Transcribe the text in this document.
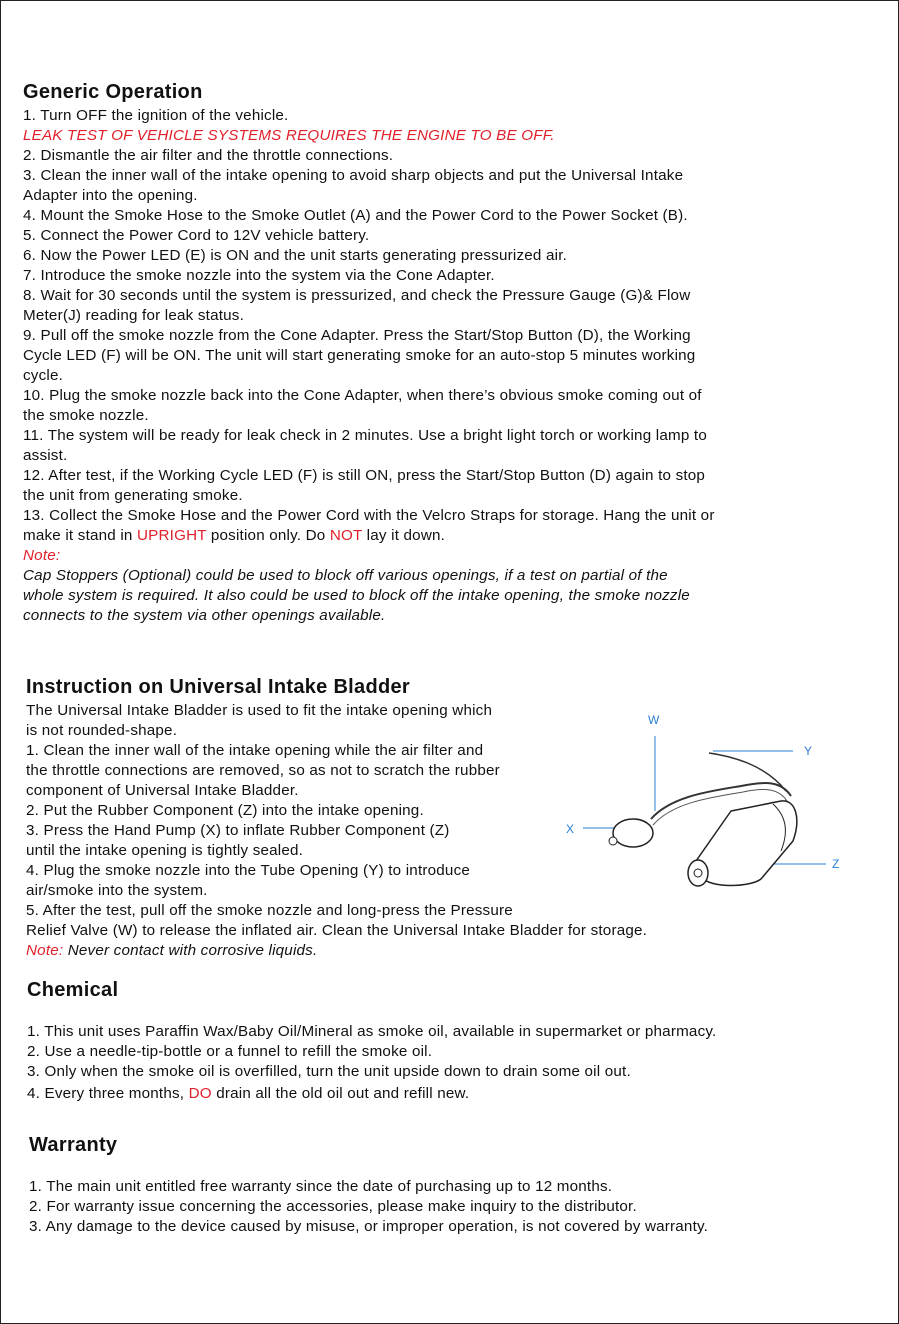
Generic Operation
1. Turn OFF the ignition of the vehicle.
LEAK TEST OF VEHICLE SYSTEMS REQUIRES THE ENGINE TO BE OFF.
2. Dismantle the air filter and the throttle connections.
3. Clean the inner wall of the intake opening to avoid sharp objects and put the Universal Intake
Adapter into the opening.
4. Mount the Smoke Hose to the Smoke Outlet (A) and the Power Cord to the Power Socket (B).
5. Connect the Power Cord to 12V vehicle battery.
6. Now the Power LED (E) is ON and the unit starts generating pressurized air.
7. Introduce the smoke nozzle into the system via the Cone Adapter.
8. Wait for 30 seconds until the system is pressurized, and check the Pressure Gauge (G)& Flow
Meter(J) reading for leak status.
9. Pull off the smoke nozzle from the Cone Adapter. Press the Start/Stop Button (D), the Working
Cycle LED (F) will be ON. The unit will start generating smoke for an auto-stop 5 minutes working
cycle.
10. Plug the smoke nozzle back into the Cone Adapter, when there’s obvious smoke coming out of
the smoke nozzle.
11. The system will be ready for leak check in 2 minutes. Use a bright light torch or working lamp to
assist.
12. After test, if the Working Cycle LED (F) is still ON, press the Start/Stop Button (D) again to stop
the unit from generating smoke.
13. Collect the Smoke Hose and the Power Cord with the Velcro Straps for storage. Hang the unit or
make it stand in UPRIGHT position only. Do NOT lay it down.
Note:
Cap Stoppers (Optional) could be used to block off various openings, if a test on partial of the
whole system is required. It also could be used to block off the intake opening, the smoke nozzle
connects to the system via other openings available.
Instruction on Universal Intake Bladder
The Universal Intake Bladder is used to fit the intake opening which
is not rounded-shape.
1. Clean the inner wall of the intake opening while the air filter and
the throttle connections are removed, so as not to scratch the rubber
component of Universal Intake Bladder.
2. Put the Rubber Component (Z) into the intake opening.
3. Press the Hand Pump (X) to inflate Rubber Component (Z)
until the intake opening is tightly sealed.
4. Plug the smoke nozzle into the Tube Opening (Y) to introduce
air/smoke into the system.
5. After the test, pull off the smoke nozzle and long-press the Pressure
Relief Valve (W) to release the inflated air. Clean the Universal Intake Bladder for storage.
Note: Never contact with corrosive liquids.
W
Y
X
Z
Chemical
1. This unit uses Paraffin Wax/Baby Oil/Mineral as smoke oil, available in supermarket or pharmacy.
2. Use a needle-tip-bottle or a funnel to refill the smoke oil.
3. Only when the smoke oil is overfilled, turn the unit upside down to drain some oil out.
4. Every three months, DO drain all the old oil out and refill new.
Warranty
1. The main unit entitled free warranty since the date of purchasing up to 12 months.
2. For warranty issue concerning the accessories, please make inquiry to the distributor.
3. Any damage to the device caused by misuse, or improper operation, is not covered by warranty.
